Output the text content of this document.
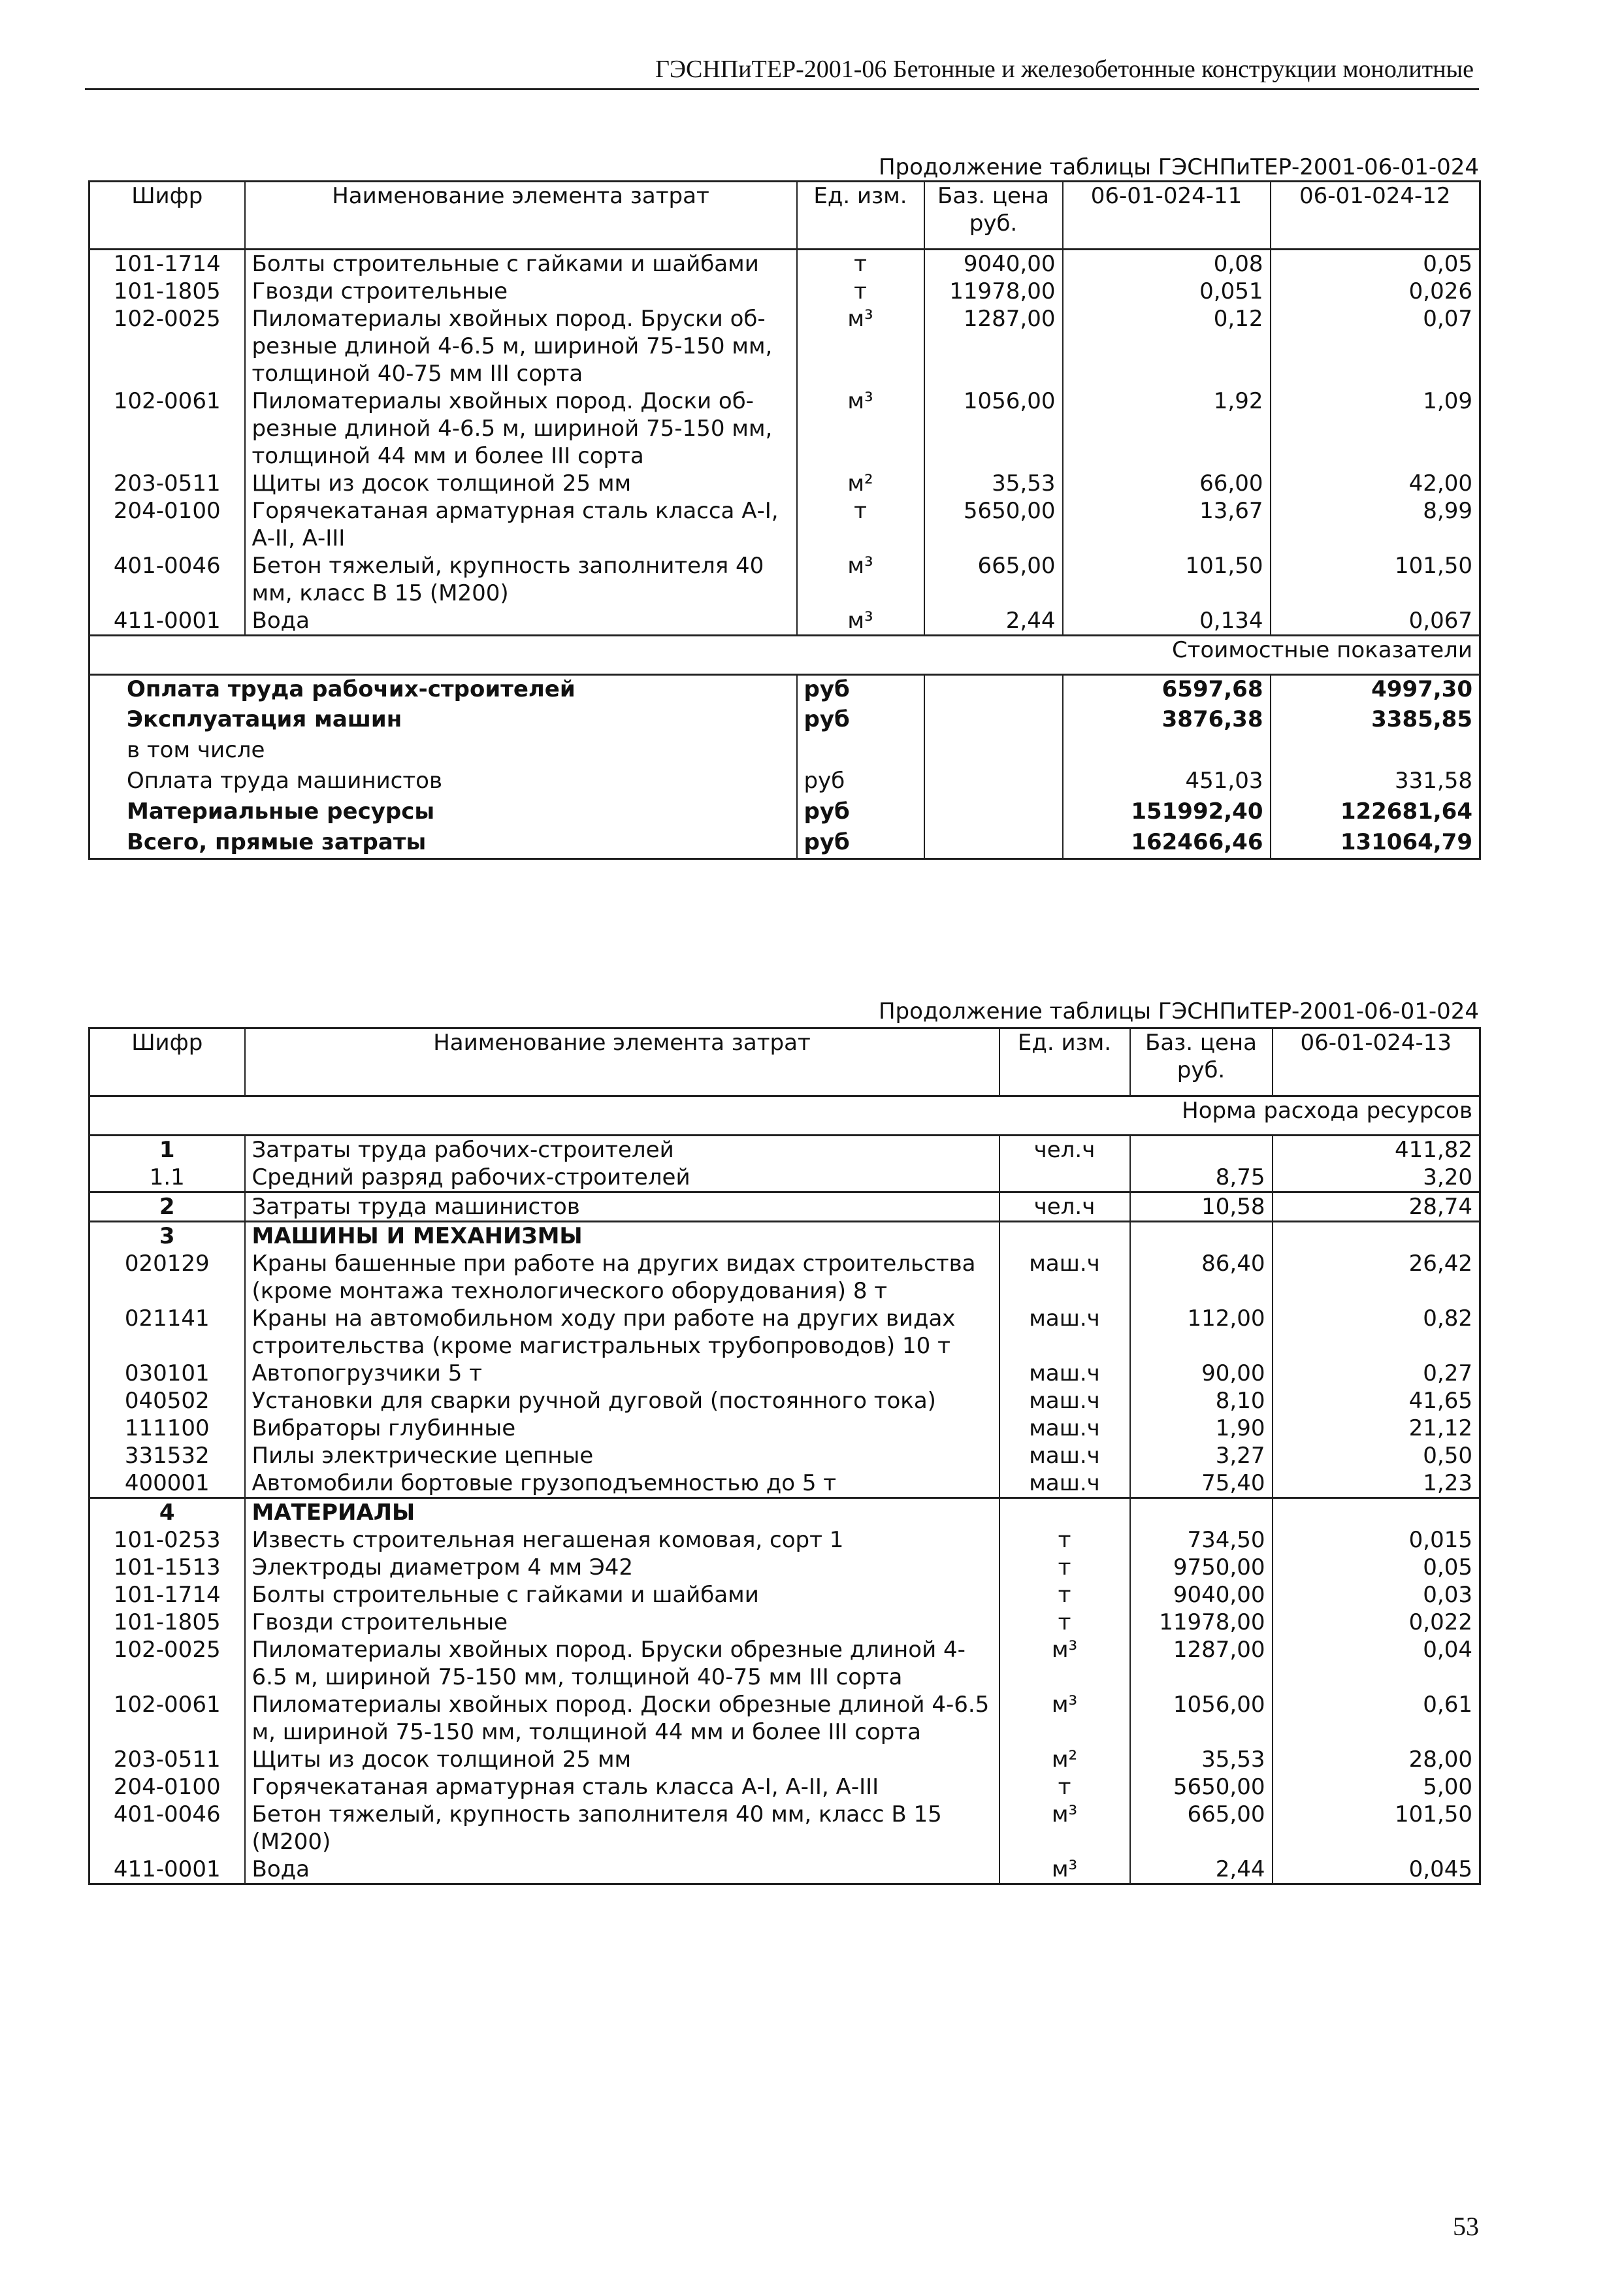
ГЭСНПиТЕР-2001-06 Бетонные и железобетонные конструкции монолитные
Продолжение таблицы ГЭСНПиТЕР-2001-06-01-024
Шифр	Наименование элемента затрат	Ед. изм.	Баз. цена руб.	06-01-024-11	06-01-024-12
101-1714	Болты строительные с гайками и шайбами	т	9040,00	0,08	0,05
101-1805	Гвозди строительные	т	11978,00	0,051	0,026
102-0025	Пиломатериалы хвойных пород. Бруски об-резные длиной 4-6.5 м, шириной 75-150 мм, толщиной 40-75 мм III сорта	м³	1287,00	0,12	0,07
102-0061	Пиломатериалы хвойных пород. Доски об-резные длиной 4-6.5 м, шириной 75-150 мм, толщиной 44 мм и более III сорта	м³	1056,00	1,92	1,09
203-0511	Щиты из досок толщиной 25 мм	м²	35,53	66,00	42,00
204-0100	Горячекатаная арматурная сталь класса А-I, А-II, А-III	т	5650,00	13,67	8,99
401-0046	Бетон тяжелый, крупность заполнителя 40 мм, класс В 15 (М200)	м³	665,00	101,50	101,50
411-0001	Вода	м³	2,44	0,134	0,067
Стоимостные показатели					
Оплата труда рабочих-строителей		руб		6597,68	4997,30
Эксплуатация машин		руб		3876,38	3385,85
в том числе					
Оплата труда машинистов		руб		451,03	331,58
Материальные ресурсы		руб		151992,40	122681,64
Всего, прямые затраты		руб		162466,46	131064,79
Продолжение таблицы ГЭСНПиТЕР-2001-06-01-024
Шифр	Наименование элемента затрат	Ед. изм.	Баз. цена руб.	06-01-024-13
Норма расхода ресурсов				
1	Затраты труда рабочих-строителей	чел.ч		411,82
1.1	Средний разряд рабочих-строителей		8,75	3,20
2	Затраты труда машинистов	чел.ч	10,58	28,74
3	МАШИНЫ И МЕХАНИЗМЫ			
020129	Краны башенные при работе на других видах строительства (кроме монтажа технологического оборудования) 8 т	маш.ч	86,40	26,42
021141	Краны на автомобильном ходу при работе на других видах строительства (кроме магистральных трубопроводов) 10 т	маш.ч	112,00	0,82
030101	Автопогрузчики 5 т	маш.ч	90,00	0,27
040502	Установки для сварки ручной дуговой (постоянного тока)	маш.ч	8,10	41,65
111100	Вибраторы глубинные	маш.ч	1,90	21,12
331532	Пилы электрические цепные	маш.ч	3,27	0,50
400001	Автомобили бортовые грузоподъемностью до 5 т	маш.ч	75,40	1,23
4	МАТЕРИАЛЫ			
101-0253	Известь строительная негашеная комовая, сорт 1	т	734,50	0,015
101-1513	Электроды диаметром 4 мм Э42	т	9750,00	0,05
101-1714	Болты строительные с гайками и шайбами	т	9040,00	0,03
101-1805	Гвозди строительные	т	11978,00	0,022
102-0025	Пиломатериалы хвойных пород. Бруски обрезные длиной 4-6.5 м, шириной 75-150 мм, толщиной 40-75 мм III сорта	м³	1287,00	0,04
102-0061	Пиломатериалы хвойных пород. Доски обрезные длиной 4-6.5 м, шириной 75-150 мм, толщиной 44 мм и более III сорта	м³	1056,00	0,61
203-0511	Щиты из досок толщиной 25 мм	м²	35,53	28,00
204-0100	Горячекатаная арматурная сталь класса А-I, А-II, А-III	т	5650,00	5,00
401-0046	Бетон тяжелый, крупность заполнителя 40 мм, класс В 15 (М200)	м³	665,00	101,50
411-0001	Вода	м³	2,44	0,045
53
